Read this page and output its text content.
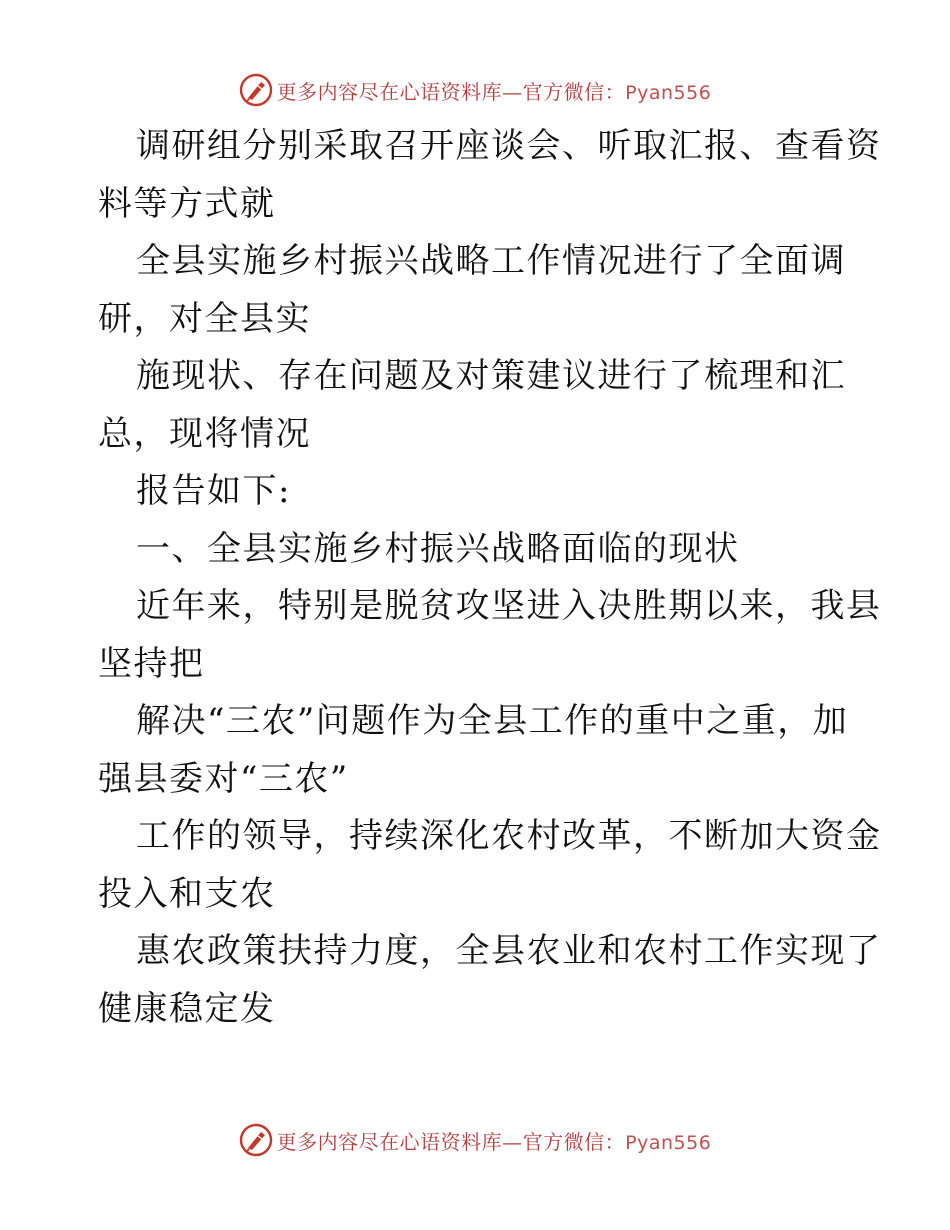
更多内容尽在心语资料库—官方微信：Pyan556
调研组分别采取召开座谈会、听取汇报、查看资
料等方式就
全县实施乡村振兴战略工作情况进行了全面调
研，对全县实
施现状、存在问题及对策建议进行了梳理和汇
总，现将情况
报告如下:
一、全县实施乡村振兴战略面临的现状
近年来，特别是脱贫攻坚进入决胜期以来，我县
坚持把
解决“三农”问题作为全县工作的重中之重，加
强县委对“三农”
工作的领导，持续深化农村改革，不断加大资金
投入和支农
惠农政策扶持力度，全县农业和农村工作实现了
健康稳定发
更多内容尽在心语资料库—官方微信：Pyan556
